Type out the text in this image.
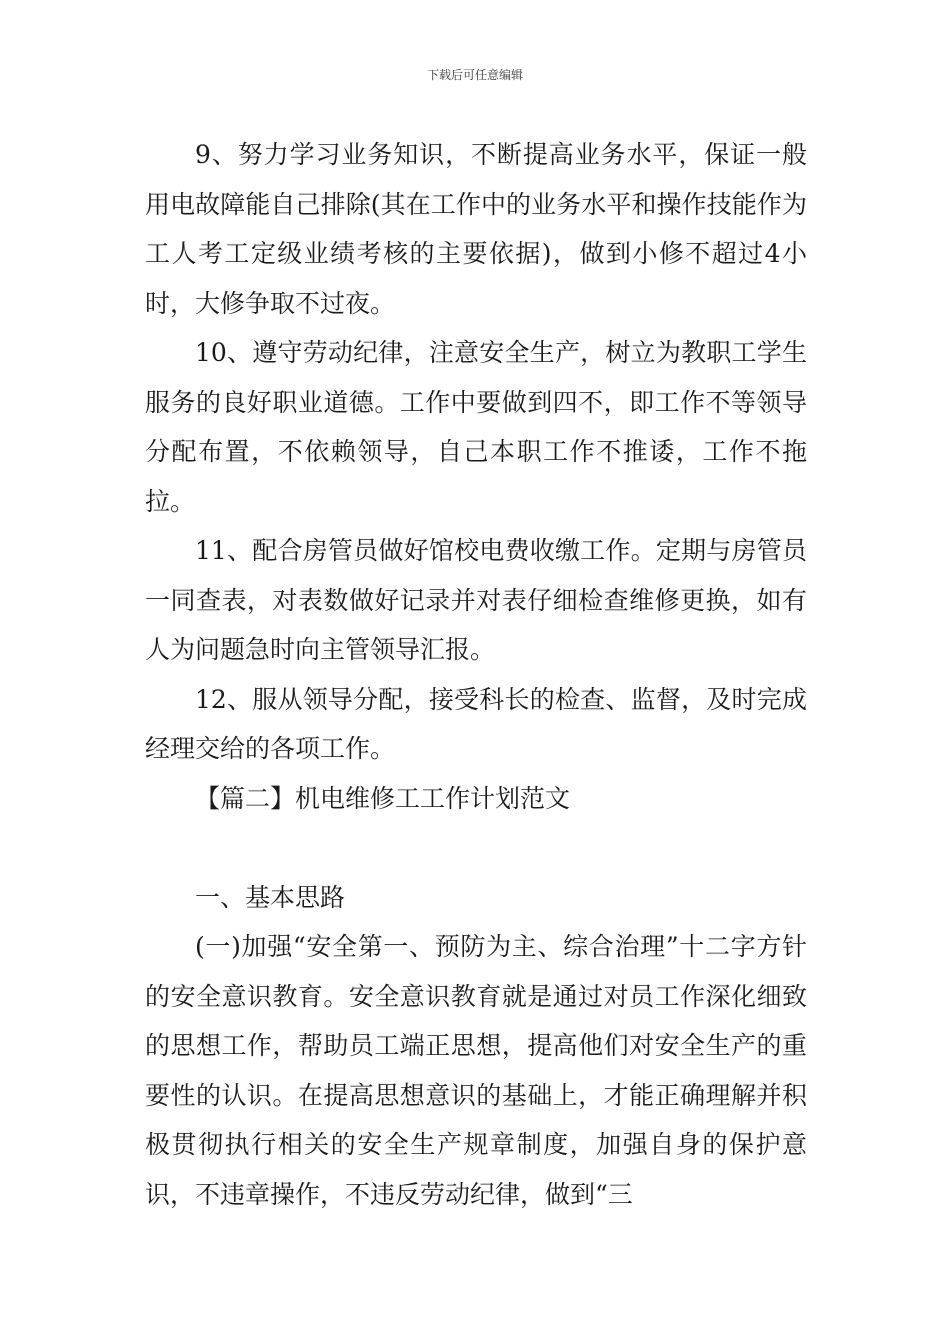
下载后可任意编辑

9、努力学习业务知识，不断提高业务水平，保证一般用电故障能自己排除(其在工作中的业务水平和操作技能作为工人考工定级业绩考核的主要依据)，做到小修不超过4小时，大修争取不过夜。

10、遵守劳动纪律，注意安全生产，树立为教职工学生服务的良好职业道德。工作中要做到四不，即工作不等领导分配布置，不依赖领导，自己本职工作不推诿，工作不拖拉。

11、配合房管员做好馆校电费收缴工作。定期与房管员一同查表，对表数做好记录并对表仔细检查维修更换，如有人为问题急时向主管领导汇报。

12、服从领导分配，接受科长的检查、监督，及时完成经理交给的各项工作。

【篇二】机电维修工工作计划范文

一、基本思路

(一)加强“安全第一、预防为主、综合治理”十二字方针的安全意识教育。安全意识教育就是通过对员工作深化细致的思想工作，帮助员工端正思想，提高他们对安全生产的重要性的认识。在提高思想意识的基础上，才能正确理解并积极贯彻执行相关的安全生产规章制度，加强自身的保护意识，不违章操作，不违反劳动纪律，做到“三
